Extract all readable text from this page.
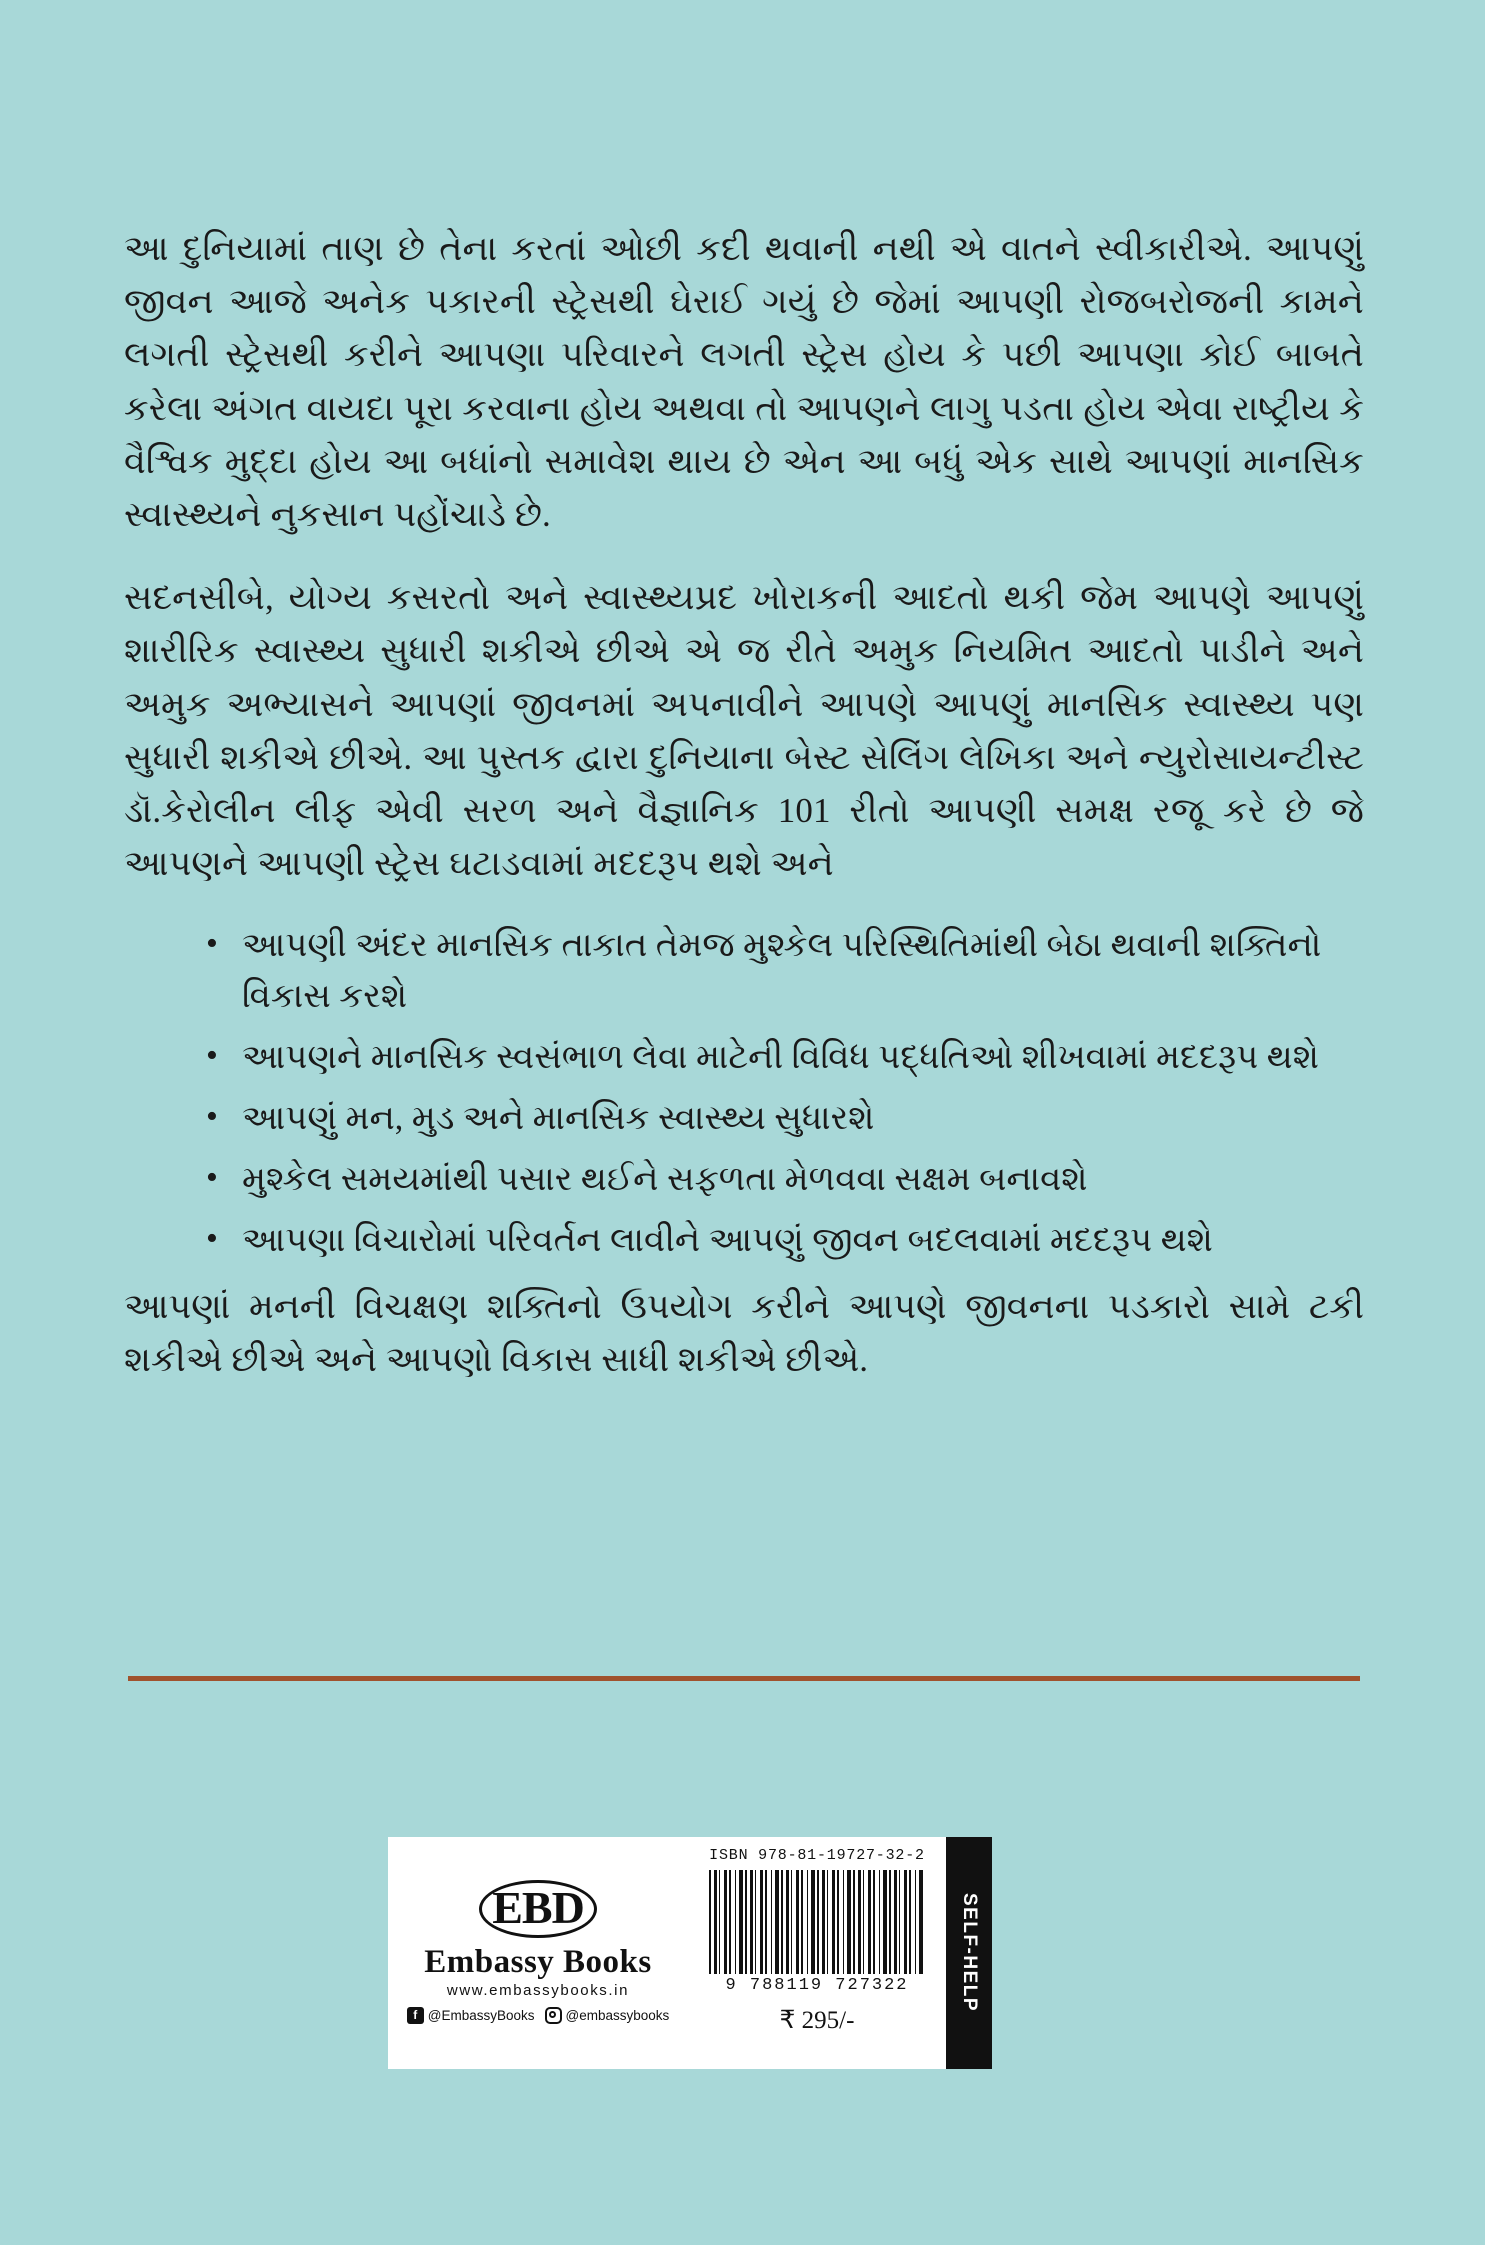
આ દુનિયામાં તાણ છે તેના કરતાં ઓછી કદી થવાની નથી એ વાતને સ્વીકારીએ. આપણું જીવન આજે અનેક પકારની સ્ટ્રેસથી ઘેરાઈ ગયું છે જેમાં આપણી રોજબરોજની કામને લગતી સ્ટ્રેસથી કરીને આપણા પરિવારને લગતી સ્ટ્રેસ હોય કે પછી આપણા કોઈ બાબતે કરેલા અંગત વાયદા પૂરા કરવાના હોય અથવા તો આપણને લાગુ પડતા હોય એવા રાષ્ટ્રીય કે વૈશ્વિક મુદ્દા હોય આ બધાંનો સમાવેશ થાય છે એન આ બધું એક સાથે આપણાં માનસિક સ્વાસ્થ્યને નુકસાન પહોંચાડે છે.

સદનસીબે, યોગ્ય કસરતો અને સ્વાસ્થ્યપ્રદ ખોરાકની આદતો થકી જેમ આપણે આપણું શારીરિક સ્વાસ્થ્ય સુધારી શકીએ છીએ એ જ રીતે અમુક નિયમિત આદતો પાડીને અને અમુક અભ્યાસને આપણાં જીવનમાં અપનાવીને આપણે આપણું માનસિક સ્વાસ્થ્ય પણ સુધારી શકીએ છીએ. આ પુસ્તક દ્વારા દુનિયાના બેસ્ટ સેલિંગ લેખિકા અને ન્યુરોસાયન્ટીસ્ટ ડૉ.કેરોલીન લીફ એવી સરળ અને વૈજ્ઞાનિક 101 રીતો આપણી સમક્ષ રજૂ કરે છે જે આપણને આપણી સ્ટ્રેસ ઘટાડવામાં મદદરૂપ થશે અને

• આપણી અંદર માનસિક તાકાત તેમજ મુશ્કેલ પરિસ્થિતિમાંથી બેઠા થવાની શક્તિનો વિકાસ કરશે
• આપણને માનસિક સ્વસંભાળ લેવા માટેની વિવિધ પદ્ધતિઓ શીખવામાં મદદરૂપ થશે
• આપણું મન, મુડ અને માનસિક સ્વાસ્થ્ય સુધારશે
• મુશ્કેલ સમયમાંથી પસાર થઈને સફળતા મેળવવા સક્ષમ બનાવશે
• આપણા વિચારોમાં પરિવર્તન લાવીને આપણું જીવન બદલવામાં મદદરૂપ થશે

આપણાં મનની વિચક્ષણ શક્તિનો ઉપયોગ કરીને આપણે જીવનના પડકારો સામે ટકી શકીએ છીએ અને આપણો વિકાસ સાધી શકીએ છીએ.

EBD
Embassy Books
www.embassybooks.in
f @EmbassyBooks @embassybooks
ISBN 978-81-19727-32-2
9 788119 727322
₹ 295/-
SELF-HELP
